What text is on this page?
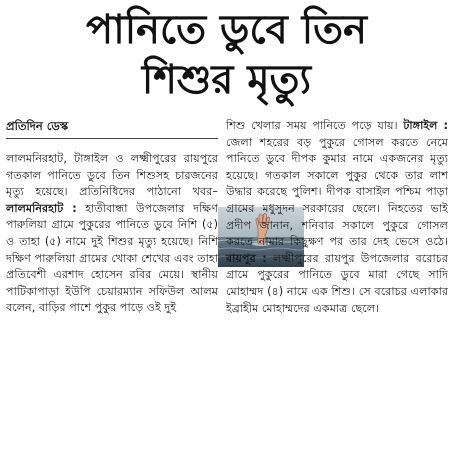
পানিতে ডুবে তিন
শিশুর মৃত্যু
প্রতিদিন ডেস্ক
লালমনিরহাট, টাঙ্গাইল ও লক্ষ্মীপুরের রায়পুরে গতকাল পানিতে ডুবে তিন শিশুসহ চারজনের মৃত্যু হয়েছে। প্রতিনিধিদের পাঠানো খবর– লালমনিরহাট : হাতীবান্ধা উপজেলার দক্ষিণ পারুলিয়া গ্রামে পুকুরের পানিতে ডুবে নিশি (৫) ও তাহা (৫) নামে দুই শিশুর মৃত্যু হয়েছে। নিশি দক্ষিণ পারুলিয়া গ্রামের খোকা শেখের এবং তাহা প্রতিবেশী এরশাদ হোসেন রবির মেয়ে। স্থানীয় পাটিকাপাড়া ইউপি চেয়ারম্যান সফিউল আলম বলেন, বাড়ির পাশে পুকুর পাড়ে ওই দুই
শিশু খেলার সময় পানিতে পড়ে যায়। টাঙ্গাইল : জেলা শহরের বড় পুকুরে গোসল করতে নেমে পানিতে ডুবে দীপক কুমার নামে একজনের মৃত্যু হয়েছে। গতকাল সকালে পুকুর থেকে তার লাশ উদ্ধার করেছে পুলিশ। দীপক বাসাইল পশ্চিম পাড়া গ্রামের মধুসুদন সরকারের ছেলে। নিহতের ভাই প্রদীপ জানান, শনিবার সকালে পুকুরে গোসল করতে নামার কিছুক্ষণ পর তার দেহ ভেসে ওঠে। রায়পুর : লক্ষ্মীপুরের রায়পুর উপজেলার বরোচর গ্রামে পুকুরের পানিতে ডুবে মারা গেছে সাদি মোহাম্মদ (৪) নামে এক শিশু। সে বরোচর এলাকার ইব্রাহীম মোহাম্মদের একমাত্র ছেলে।
